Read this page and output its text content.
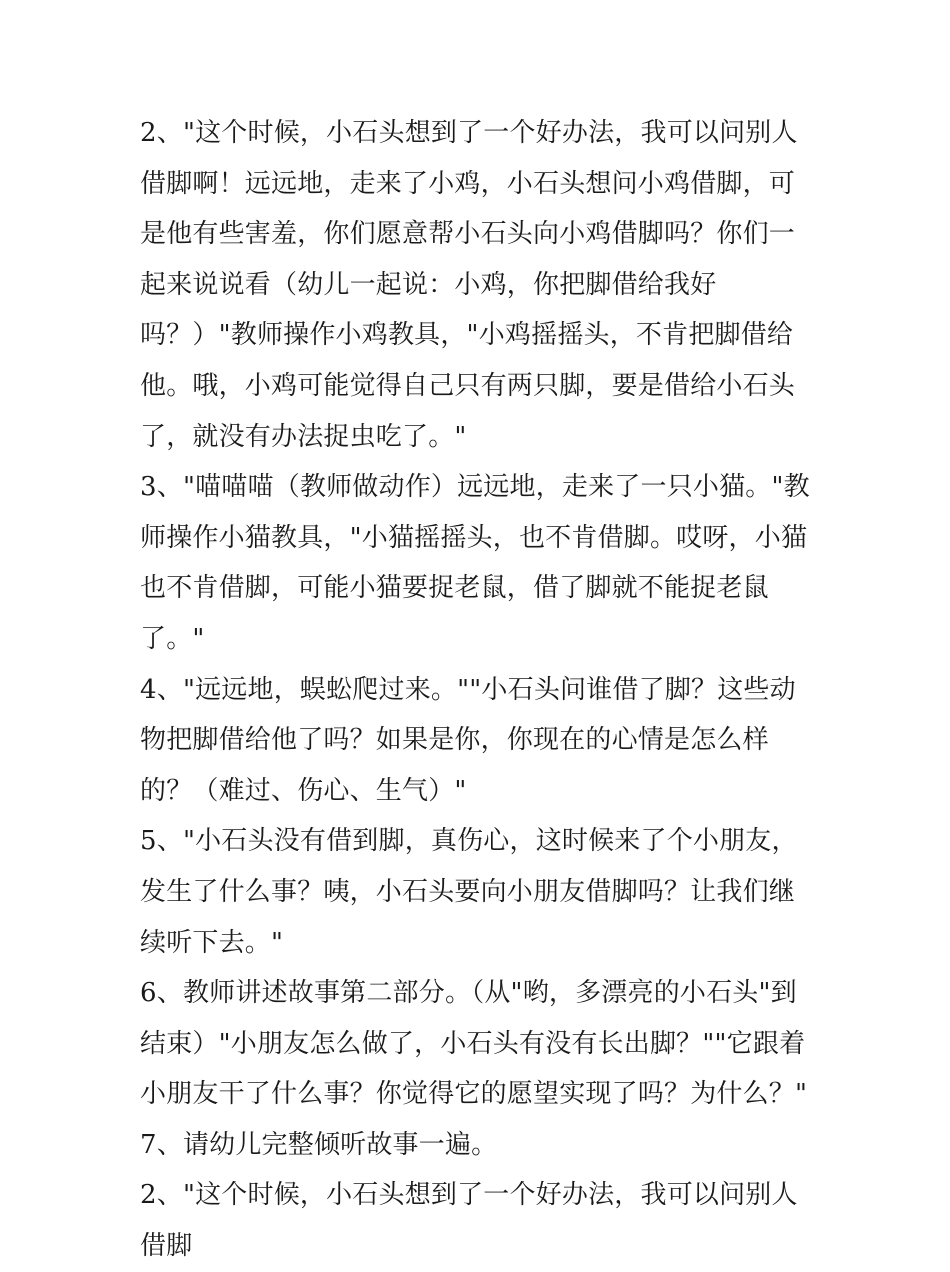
2、"这个时候，小石头想到了一个好办法，我可以问别人借脚啊！远远地，走来了小鸡，小石头想问小鸡借脚，可是他有些害羞，你们愿意帮小石头向小鸡借脚吗？你们一起来说说看（幼儿一起说：小鸡，你把脚借给我好吗？）"教师操作小鸡教具，"小鸡摇摇头，不肯把脚借给他。哦，小鸡可能觉得自己只有两只脚，要是借给小石头了，就没有办法捉虫吃了。"

3、"喵喵喵（教师做动作）远远地，走来了一只小猫。"教师操作小猫教具，"小猫摇摇头，也不肯借脚。哎呀，小猫也不肯借脚，可能小猫要捉老鼠，借了脚就不能捉老鼠了。"

4、"远远地，蜈蚣爬过来。""小石头问谁借了脚？这些动物把脚借给他了吗？如果是你，你现在的心情是怎么样的？（难过、伤心、生气）"

5、"小石头没有借到脚，真伤心，这时候来了个小朋友，发生了什么事？咦，小石头要向小朋友借脚吗？让我们继续听下去。"

6、教师讲述故事第二部分。（从"哟，多漂亮的小石头"到结束）"小朋友怎么做了，小石头有没有长出脚？""它跟着小朋友干了什么事？你觉得它的愿望实现了吗？为什么？"

7、请幼儿完整倾听故事一遍。

2、"这个时候，小石头想到了一个好办法，我可以问别人借脚
